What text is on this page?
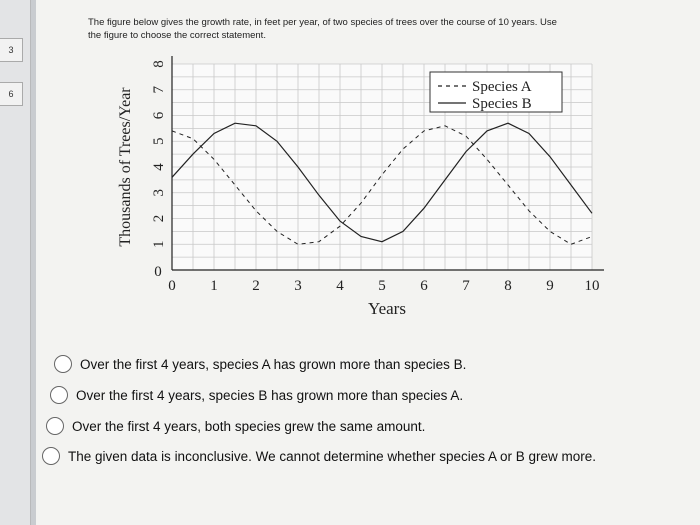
3
6
The figure below gives the growth rate, in feet per year, of two species of trees over the course of 10 years. Use the figure to choose the correct statement.
0 1 2 3 4 5 6 7 8 9 10
0
1
2
3
4
5
6
7
8
Years
Thousands of Trees/Year
Species A
Species B
Over the first 4 years, species A has grown more than species B.
Over the first 4 years, species B has grown more than species A.
Over the first 4 years, both species grew the same amount.
The given data is inconclusive. We cannot determine whether species A or B grew more.
